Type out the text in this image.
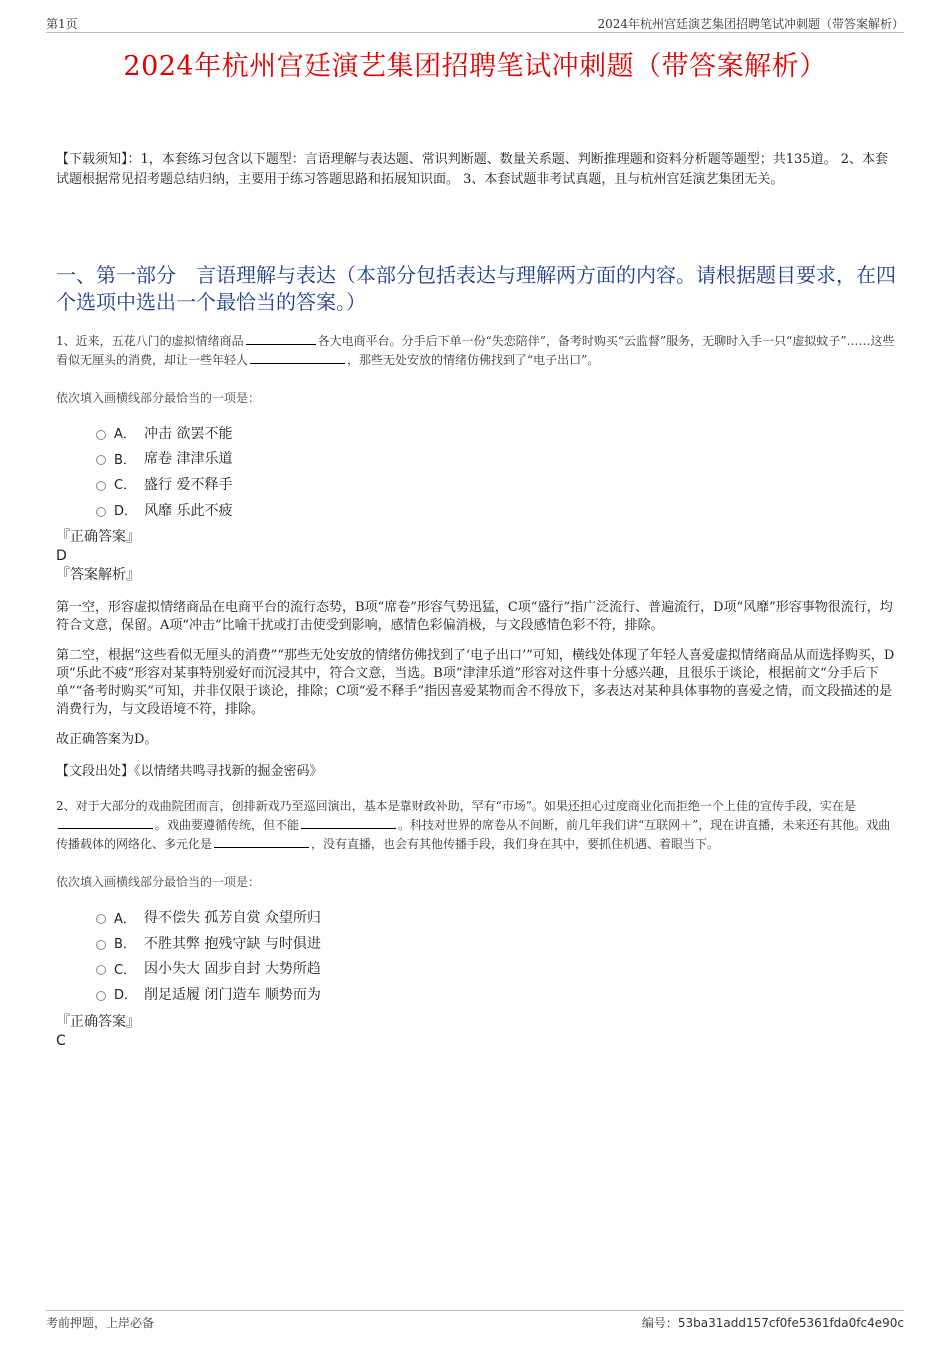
第1页	2024年杭州宫廷演艺集团招聘笔试冲刺题（带答案解析）
2024年杭州宫廷演艺集团招聘笔试冲刺题（带答案解析）
【下载须知】：1，本套练习包含以下题型：言语理解与表达题、常识判断题、数量关系题、判断推理题和资料分析题等题型；共135道。 2、本套试题根据常见招考题总结归纳，主要用于练习答题思路和拓展知识面。 3、本套试题非考试真题，且与杭州宫廷演艺集团无关。
一、第一部分　言语理解与表达（本部分包括表达与理解两方面的内容。请根据题目要求，在四个选项中选出一个最恰当的答案。）
1、近来，五花八门的虚拟情绪商品	各大电商平台。分手后下单一份“失恋陪伴”，备考时购买“云监督”服务，无聊时入手一只“虚拟蚊子”……这些看似无厘头的消费，却让一些年轻人	，那些无处安放的情绪仿佛找到了“电子出口”。
依次填入画横线部分最恰当的一项是：
A． 冲击 欲罢不能
B． 席卷 津津乐道
C． 盛行 爱不释手
D． 风靡 乐此不疲
『正确答案』
D
『答案解析』
第一空，形容虚拟情绪商品在电商平台的流行态势，B项“席卷”形容气势迅猛，C项“盛行”指广泛流行、普遍流行，D项“风靡”形容事物很流行，均符合文意，保留。A项“冲击”比喻干扰或打击使受到影响，感情色彩偏消极，与文段感情色彩不符，排除。
第二空，根据“这些看似无厘头的消费”“那些无处安放的情绪仿佛找到了‘电子出口’”可知，横线处体现了年轻人喜爱虚拟情绪商品从而选择购买，D项“乐此不疲”形容对某事特别爱好而沉浸其中，符合文意，当选。B项“津津乐道”形容对这件事十分感兴趣，且很乐于谈论，根据前文“分手后下单”“备考时购买”可知，并非仅限于谈论，排除；C项“爱不释手”指因喜爱某物而舍不得放下，多表达对某种具体事物的喜爱之情，而文段描述的是消费行为，与文段语境不符，排除。
故正确答案为D。
【文段出处】《以情绪共鸣寻找新的掘金密码》
2、对于大部分的戏曲院团而言，创排新戏乃至巡回演出，基本是靠财政补助，罕有“市场”。如果还担心过度商业化而拒绝一个上佳的宣传手段，实在是。戏曲要遵循传统，但不能	。科技对世界的席卷从不间断，前几年我们讲“互联网＋”，现在讲直播，未来还有其他。戏曲传播载体的网络化、多元化是	，没有直播，也会有其他传播手段，我们身在其中，要抓住机遇、着眼当下。
依次填入画横线部分最恰当的一项是：
A． 得不偿失 孤芳自赏 众望所归
B． 不胜其弊 抱残守缺 与时俱进
C． 因小失大 固步自封 大势所趋
D． 削足适履 闭门造车 顺势而为
『正确答案』
C
考前押题，上岸必备	编号：53ba31add157cf0fe5361fda0fc4e90c
